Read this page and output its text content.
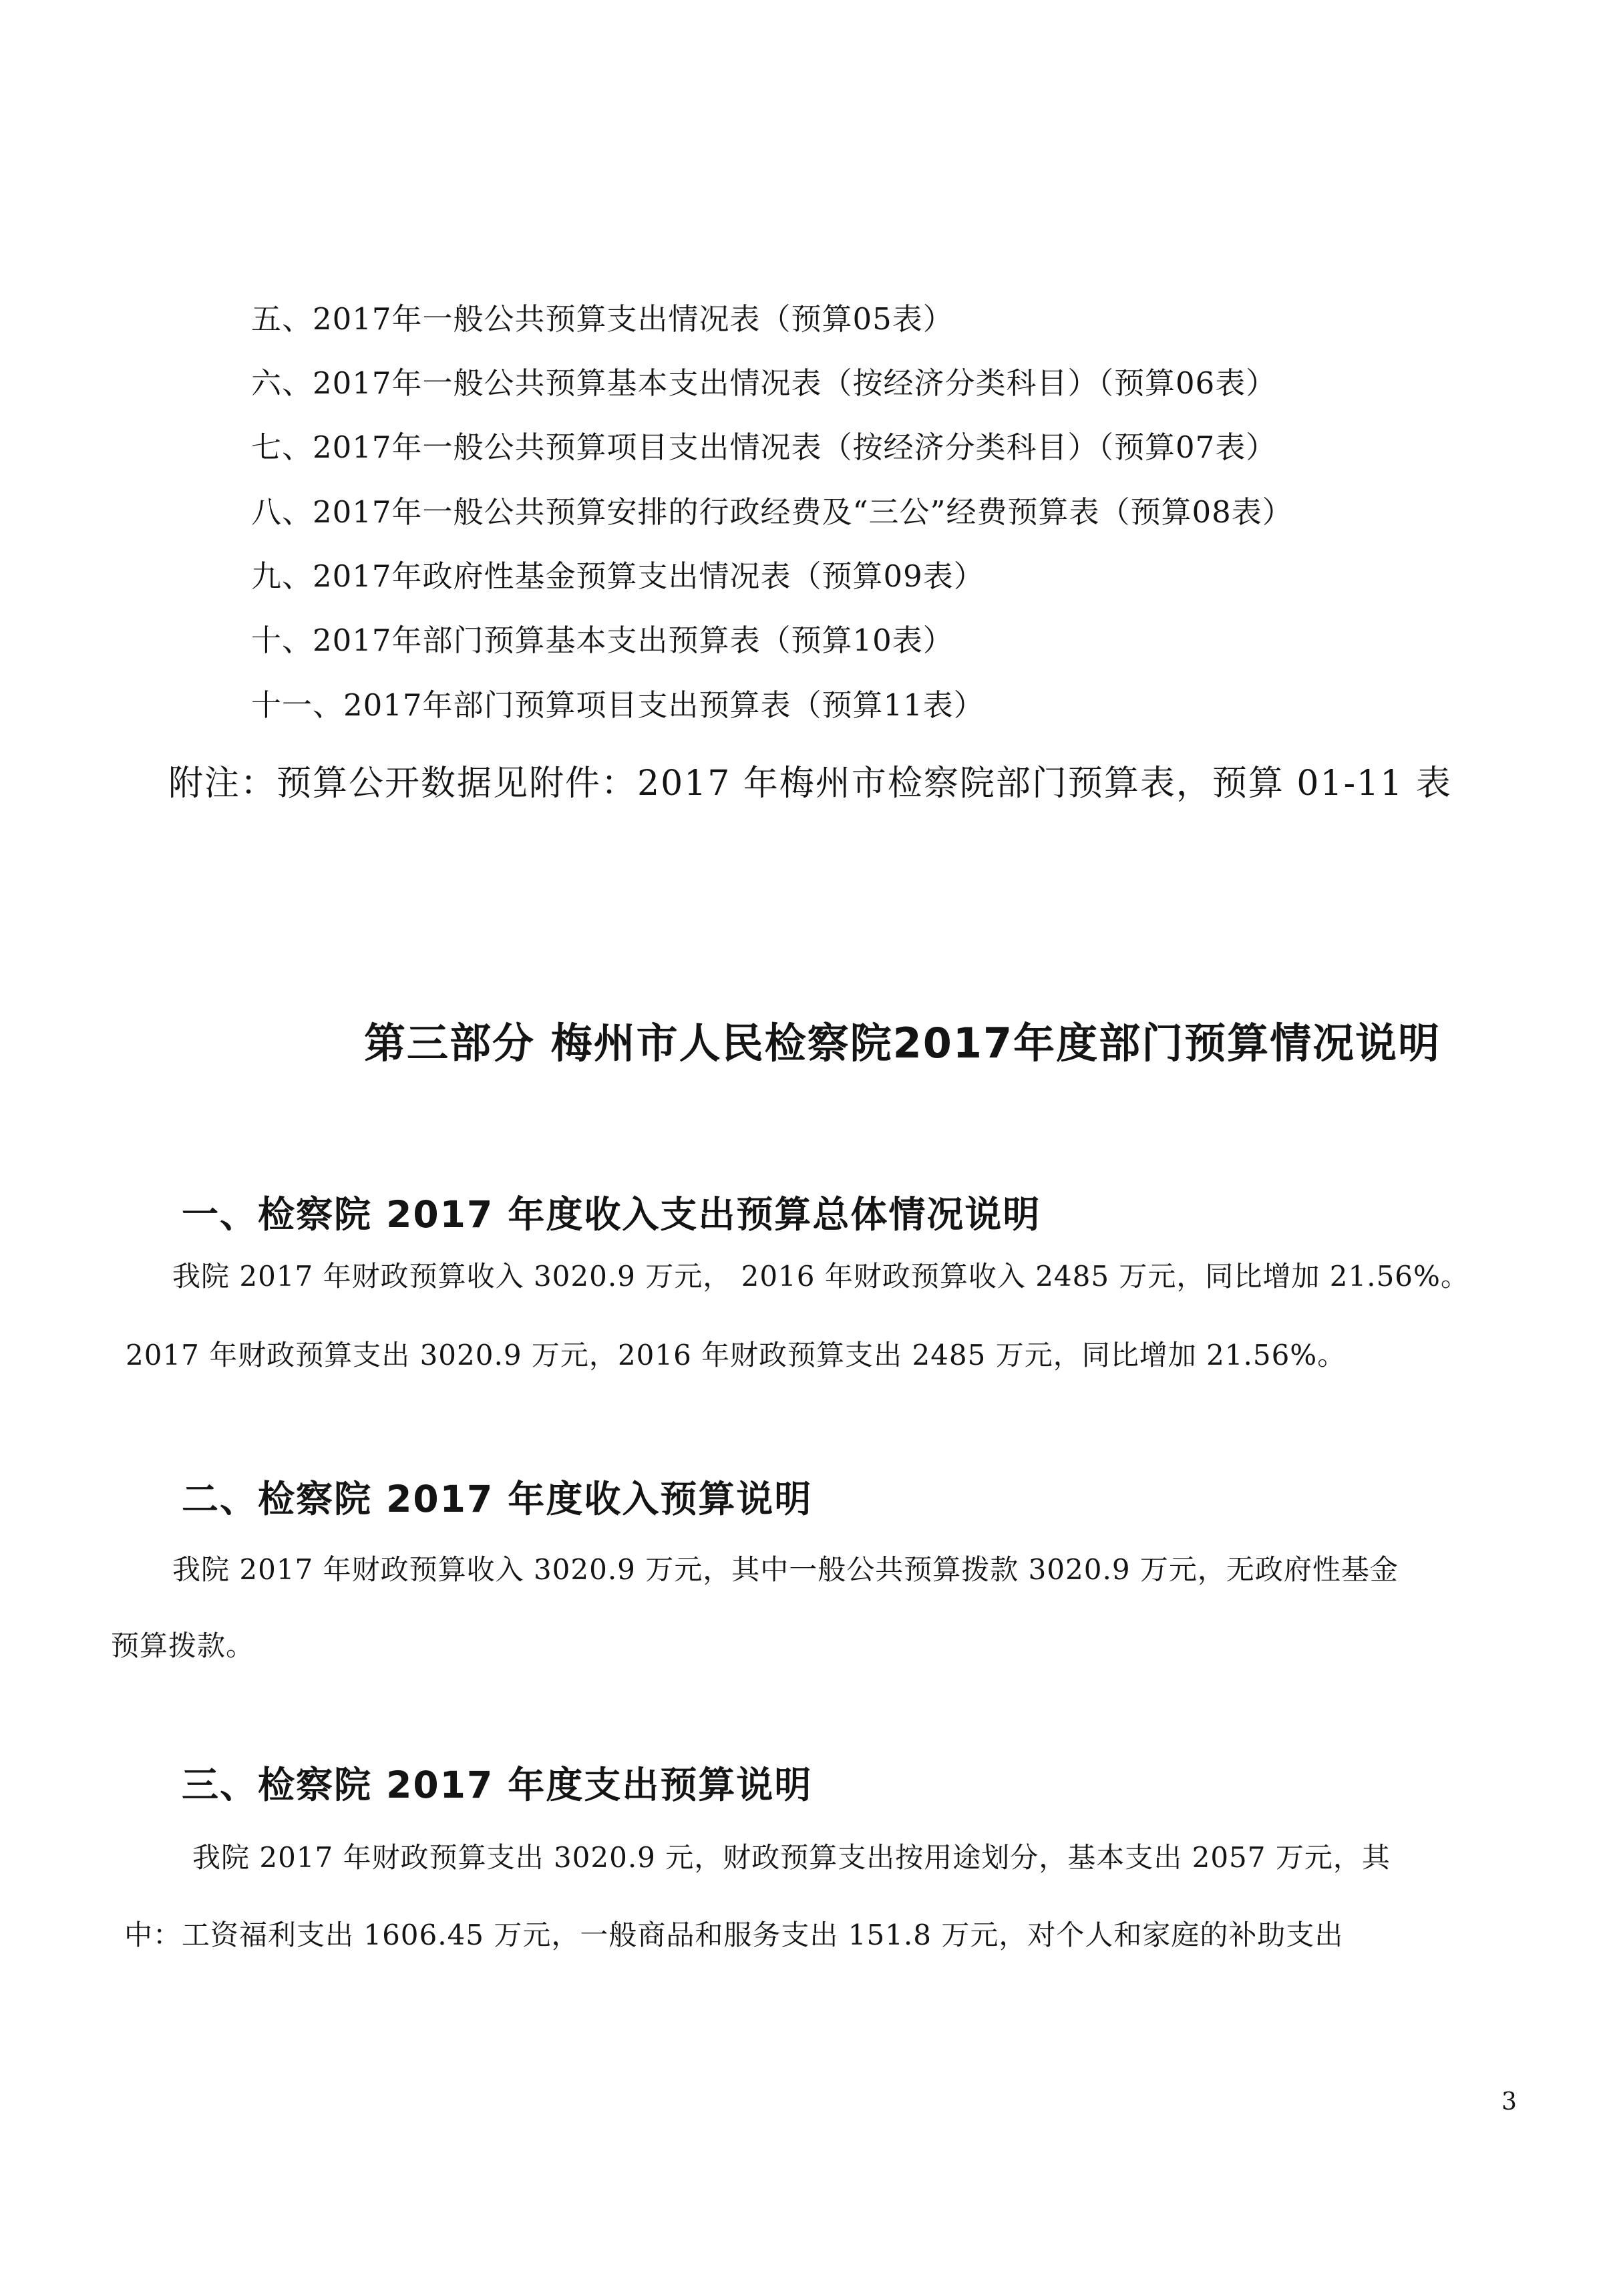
五、2017年一般公共预算支出情况表（预算05表）
六、2017年一般公共预算基本支出情况表（按经济分类科目）（预算06表）
七、2017年一般公共预算项目支出情况表（按经济分类科目）（预算07表）
八、2017年一般公共预算安排的行政经费及“三公”经费预算表（预算08表）
九、2017年政府性基金预算支出情况表（预算09表）
十、2017年部门预算基本支出预算表（预算10表）
十一、2017年部门预算项目支出预算表（预算11表）
附注：预算公开数据见附件：2017 年梅州市检察院部门预算表，预算 01-11 表
第三部分 梅州市人民检察院2017年度部门预算情况说明
一、检察院 2017 年度收入支出预算总体情况说明
我院 2017 年财政预算收入 3020.9 万元， 2016 年财政预算收入 2485 万元，同比增加 21.56%。
2017 年财政预算支出 3020.9 万元，2016 年财政预算支出 2485 万元，同比增加 21.56%。
二、检察院 2017 年度收入预算说明
我院 2017 年财政预算收入 3020.9 万元，其中一般公共预算拨款 3020.9 万元，无政府性基金
预算拨款。
三、检察院 2017 年度支出预算说明
我院 2017 年财政预算支出 3020.9 元，财政预算支出按用途划分，基本支出 2057 万元，其
中：工资福利支出 1606.45 万元，一般商品和服务支出 151.8 万元，对个人和家庭的补助支出
3
